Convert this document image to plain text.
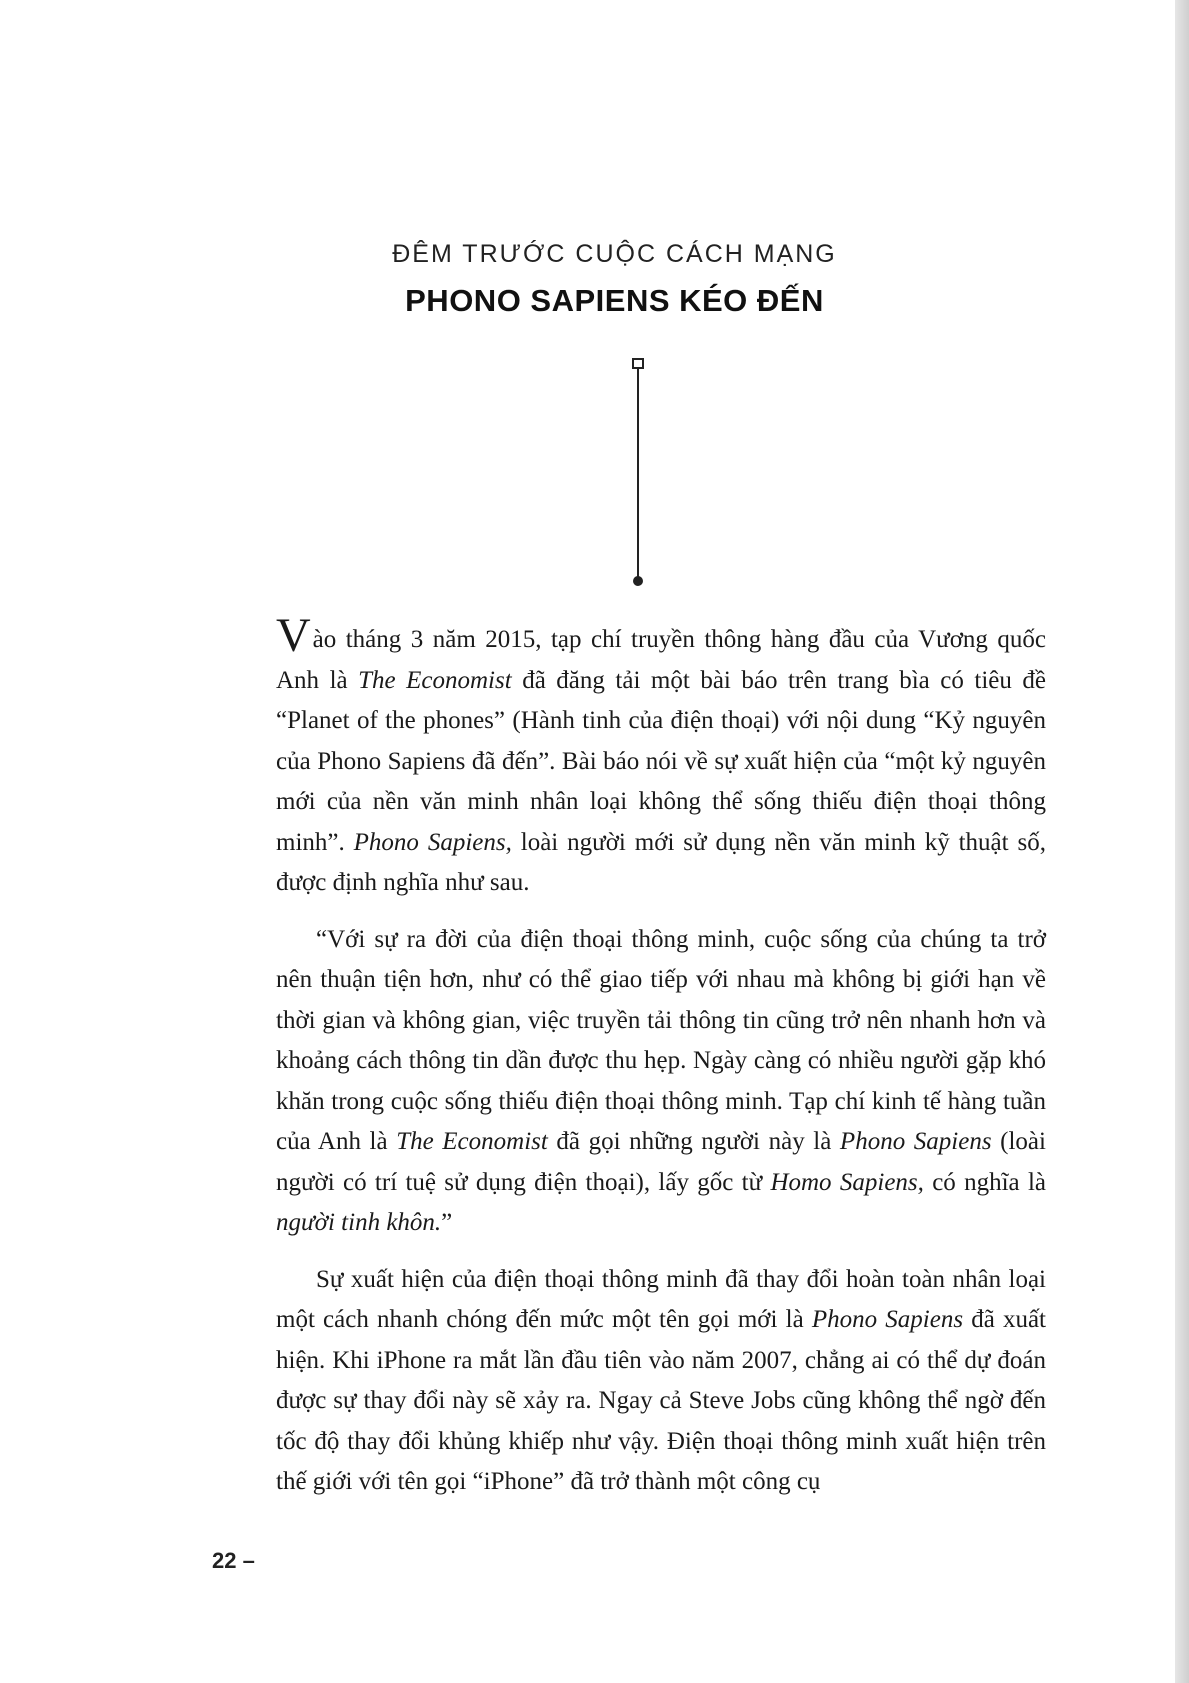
ĐÊM TRƯỚC CUỘC CÁCH MẠNG
PHONO SAPIENS KÉO ĐẾN

Vào tháng 3 năm 2015, tạp chí truyền thông hàng đầu của Vương quốc Anh là The Economist đã đăng tải một bài báo trên trang bìa có tiêu đề “Planet of the phones” (Hành tinh của điện thoại) với nội dung “Kỷ nguyên của Phono Sapiens đã đến”. Bài báo nói về sự xuất hiện của “một kỷ nguyên mới của nền văn minh nhân loại không thể sống thiếu điện thoại thông minh”. Phono Sapiens, loài người mới sử dụng nền văn minh kỹ thuật số, được định nghĩa như sau.

“Với sự ra đời của điện thoại thông minh, cuộc sống của chúng ta trở nên thuận tiện hơn, như có thể giao tiếp với nhau mà không bị giới hạn về thời gian và không gian, việc truyền tải thông tin cũng trở nên nhanh hơn và khoảng cách thông tin dần được thu hẹp. Ngày càng có nhiều người gặp khó khăn trong cuộc sống thiếu điện thoại thông minh. Tạp chí kinh tế hàng tuần của Anh là The Economist đã gọi những người này là Phono Sapiens (loài người có trí tuệ sử dụng điện thoại), lấy gốc từ Homo Sapiens, có nghĩa là người tinh khôn.”

Sự xuất hiện của điện thoại thông minh đã thay đổi hoàn toàn nhân loại một cách nhanh chóng đến mức một tên gọi mới là Phono Sapiens đã xuất hiện. Khi iPhone ra mắt lần đầu tiên vào năm 2007, chẳng ai có thể dự đoán được sự thay đổi này sẽ xảy ra. Ngay cả Steve Jobs cũng không thể ngờ đến tốc độ thay đổi khủng khiếp như vậy. Điện thoại thông minh xuất hiện trên thế giới với tên gọi “iPhone” đã trở thành một công cụ

22 –
